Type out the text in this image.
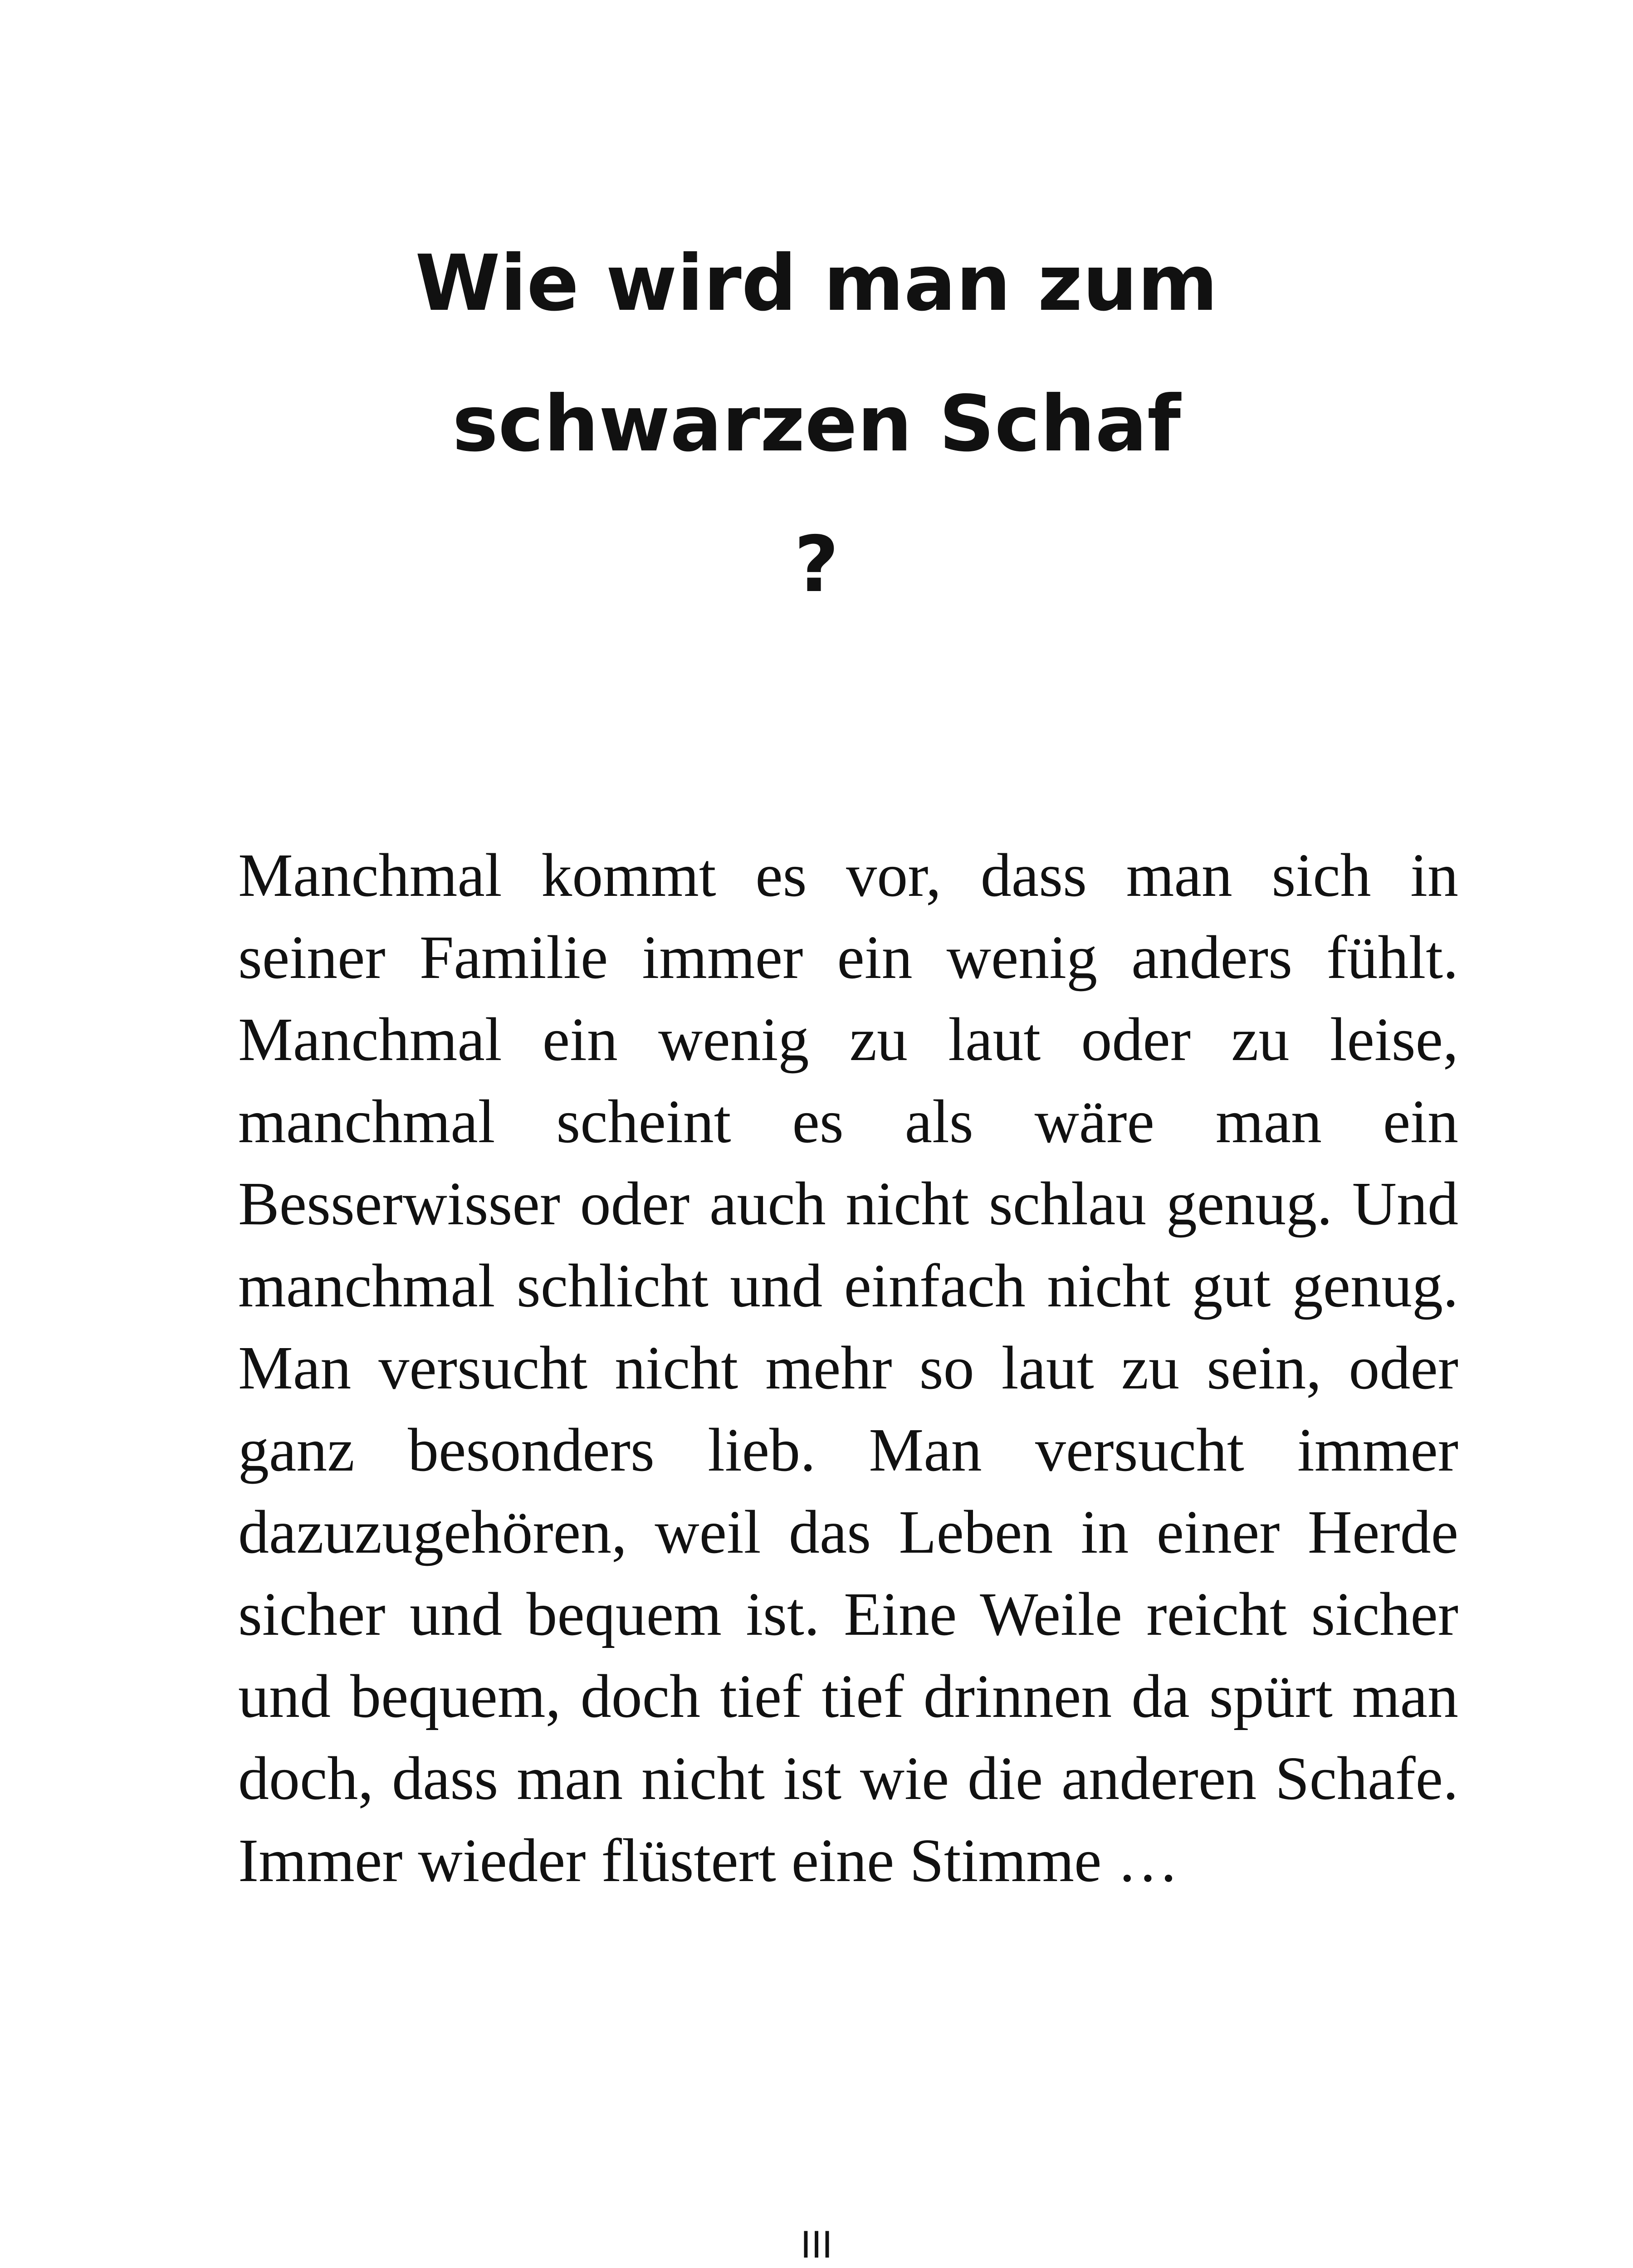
Wie wird man zum
schwarzen Schaf
?
Manchmal kommt es vor, dass man sich in
seiner Familie immer ein wenig anders fühlt.
Manchmal ein wenig zu laut oder zu leise,
manchmal scheint es als wäre man ein
Besserwisser oder auch nicht schlau genug. Und
manchmal schlicht und einfach nicht gut genug.
Man versucht nicht mehr so laut zu sein, oder
ganz besonders lieb. Man versucht immer
dazuzugehören, weil das Leben in einer Herde
sicher und bequem ist. Eine Weile reicht sicher
und bequem, doch tief tief drinnen da spürt man
doch, dass man nicht ist wie die anderen Schafe.
Immer wieder flüstert eine Stimme …
III
